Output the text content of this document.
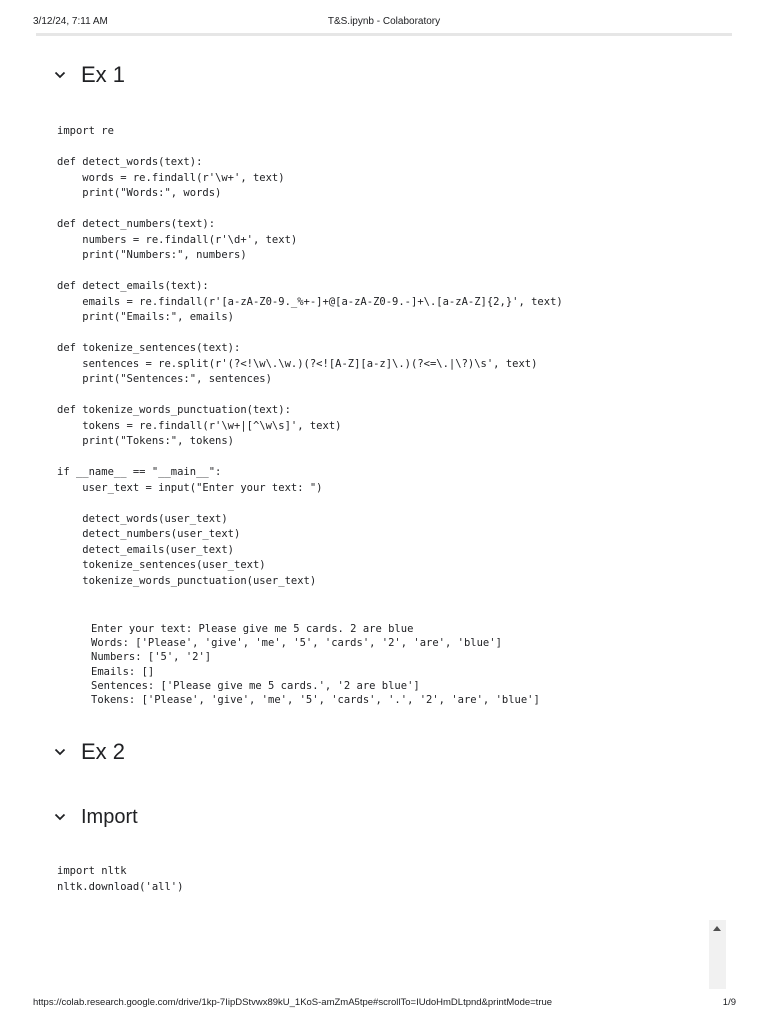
3/12/24, 7:11 AM	T&S.ipynb - Colaboratory
Ex 1
import re

def detect_words(text):
words = re.findall(r'\w+', text)
print("Words:", words)

def detect_numbers(text):
numbers = re.findall(r'\d+', text)
print("Numbers:", numbers)

def detect_emails(text):
emails = re.findall(r'[a-zA-Z0-9._%+-]+@[a-zA-Z0-9.-]+\.[a-zA-Z]{2,}', text)
print("Emails:", emails)

def tokenize_sentences(text):
sentences = re.split(r'(?<!\w\.\w.)(?<![A-Z][a-z]\.)(?<=\.|\?)\s', text)
print("Sentences:", sentences)

def tokenize_words_punctuation(text):
tokens = re.findall(r'\w+|[^\w\s]', text)
print("Tokens:", tokens)

if __name__ == "__main__":
user_text = input("Enter your text: ")

detect_words(user_text)
detect_numbers(user_text)
detect_emails(user_text)
tokenize_sentences(user_text)
tokenize_words_punctuation(user_text)
Enter your text: Please give me 5 cards. 2 are blue
Words: ['Please', 'give', 'me', '5', 'cards', '2', 'are', 'blue']
Numbers: ['5', '2']
Emails: []
Sentences: ['Please give me 5 cards.', '2 are blue']
Tokens: ['Please', 'give', 'me', '5', 'cards', '.', '2', 'are', 'blue']
Ex 2
Import
import nltk
nltk.download('all')
https://colab.research.google.com/drive/1kp-7IipDStvwx89kU_1KoS-amZmA5tpe#scrollTo=IUdoHmDLtpnd&printMode=true	1/9
